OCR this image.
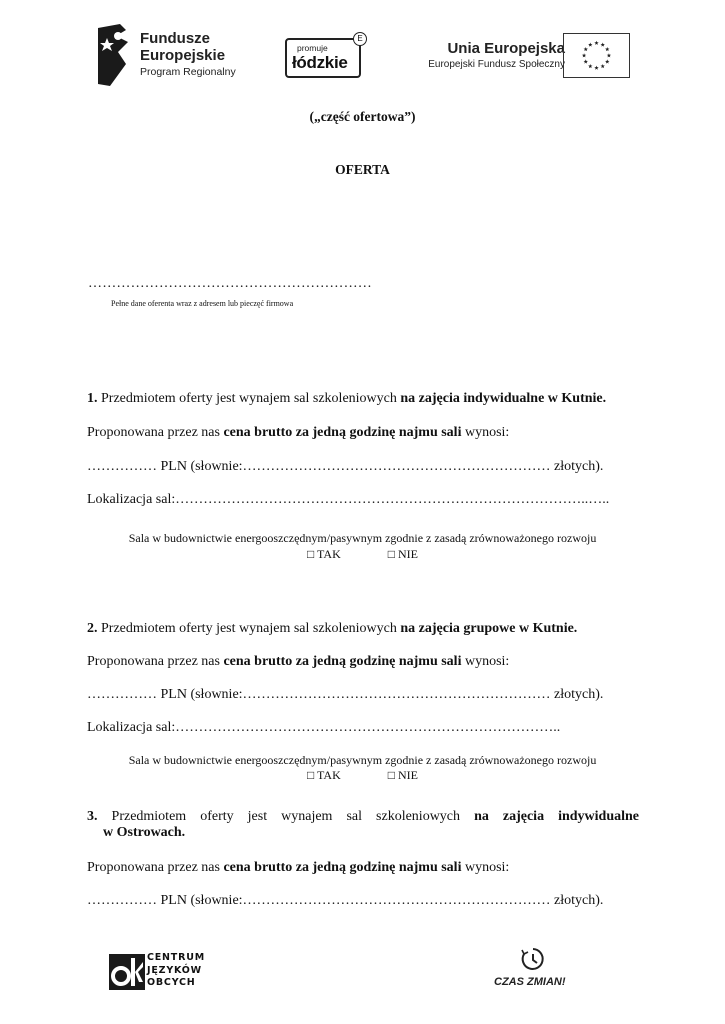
Fundusze
Europejskie
Program Regionalny
promuje
łódzkie
E
Unia Europejska
Europejski Fundusz Społeczny
(„część ofertowa”)
OFERTA
……………………………………………………
Pełne dane oferenta wraz z adresem lub pieczęć firmowa
1. Przedmiotem oferty jest wynajem sal szkoleniowych na zajęcia indywidualne w Kutnie.
Proponowana przez nas cena brutto za jedną godzinę najmu sali wynosi:
…………… PLN (słownie:………………………………………………………… złotych).
Lokalizacja sal:……………………………………………………………………………..…..
Sala w budownictwie energooszczędnym/pasywnym zgodnie z zasadą zrównoważonego rozwoju
□ TAK	□ NIE
2. Przedmiotem oferty jest wynajem sal szkoleniowych na zajęcia grupowe w Kutnie.
Proponowana przez nas cena brutto za jedną godzinę najmu sali wynosi:
…………… PLN (słownie:………………………………………………………… złotych).
Lokalizacja sal:………………………………………………………………………..
Sala w budownictwie energooszczędnym/pasywnym zgodnie z zasadą zrównoważonego rozwoju
□ TAK	□ NIE
3. Przedmiotem oferty jest wynajem sal szkoleniowych na zajęcia indywidualne
w Ostrowach.
Proponowana przez nas cena brutto za jedną godzinę najmu sali wynosi:
…………… PLN (słownie:………………………………………………………… złotych).
CENTRUM
JĘZYKÓW
OBCYCH	CZAS ZMIAN!
